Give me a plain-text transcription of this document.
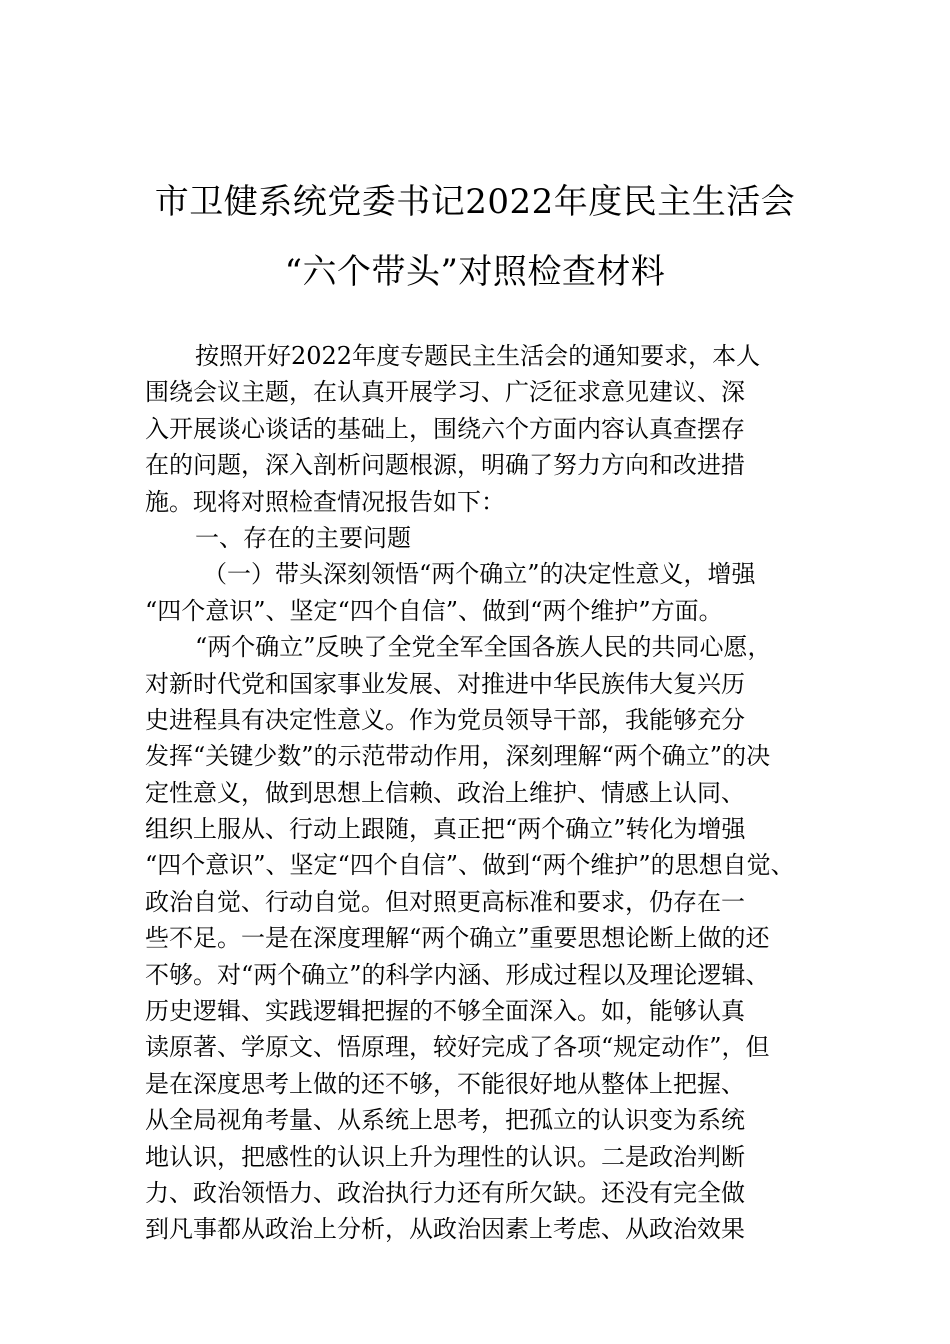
市卫健系统党委书记2022年度民主生活会
“六个带头”对照检查材料
按照开好2022年度专题民主生活会的通知要求，本人
围绕会议主题，在认真开展学习、广泛征求意见建议、深
入开展谈心谈话的基础上，围绕六个方面内容认真查摆存
在的问题，深入剖析问题根源，明确了努力方向和改进措
施。现将对照检查情况报告如下：
一、存在的主要问题
（一）带头深刻领悟“两个确立”的决定性意义，增强
“四个意识”、坚定“四个自信”、做到“两个维护”方面。
“两个确立”反映了全党全军全国各族人民的共同心愿，
对新时代党和国家事业发展、对推进中华民族伟大复兴历
史进程具有决定性意义。作为党员领导干部，我能够充分
发挥“关键少数”的示范带动作用，深刻理解“两个确立”的决
定性意义，做到思想上信赖、政治上维护、情感上认同、
组织上服从、行动上跟随，真正把“两个确立”转化为增强
“四个意识”、坚定“四个自信”、做到“两个维护”的思想自觉、
政治自觉、行动自觉。但对照更高标准和要求，仍存在一
些不足。一是在深度理解“两个确立”重要思想论断上做的还
不够。对“两个确立”的科学内涵、形成过程以及理论逻辑、
历史逻辑、实践逻辑把握的不够全面深入。如，能够认真
读原著、学原文、悟原理，较好完成了各项“规定动作”，但
是在深度思考上做的还不够，不能很好地从整体上把握、
从全局视角考量、从系统上思考，把孤立的认识变为系统
地认识，把感性的认识上升为理性的认识。二是政治判断
力、政治领悟力、政治执行力还有所欠缺。还没有完全做
到凡事都从政治上分析，从政治因素上考虑、从政治效果
